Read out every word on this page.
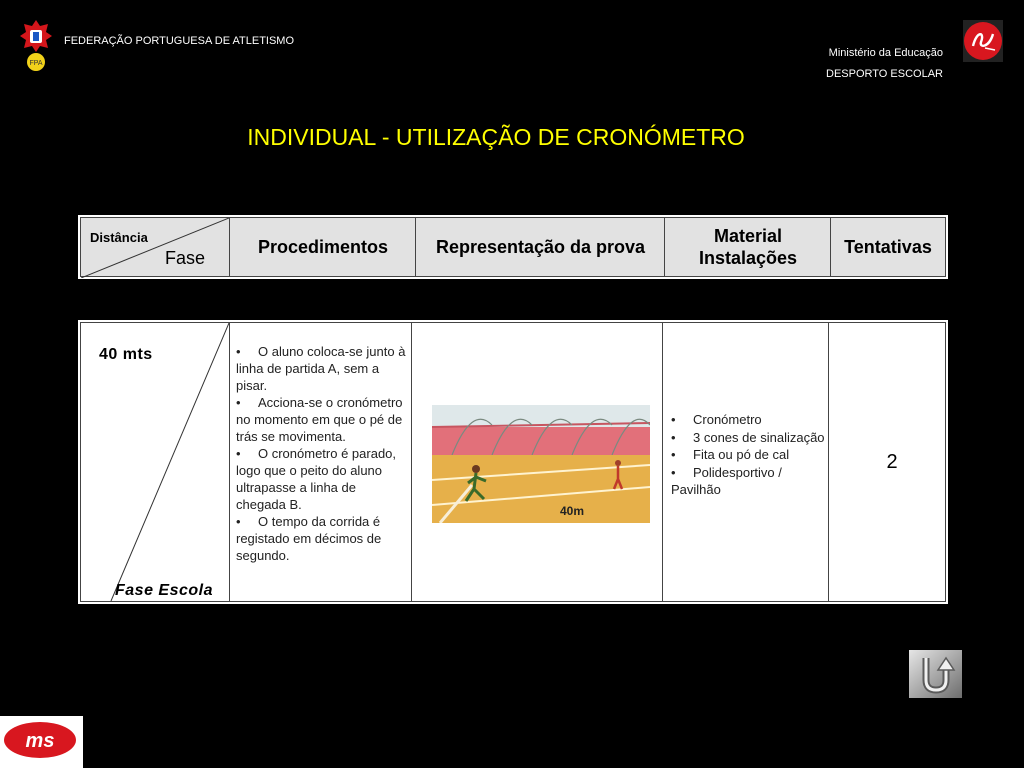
FPA
FEDERAÇÃO PORTUGUESA DE ATLETISMO
Ministério da Educação
DESPORTO ESCOLAR
INDIVIDUAL - UTILIZAÇÃO DE CRONÓMETRO
Distância
Fase
Procedimentos	Representação da prova
Material
Instalações
Tentativas
40 mts
Fase Escola
• O aluno coloca-se junto à linha de partida A, sem a pisar.
• Acciona-se o cronómetro no momento em que o pé de trás se movimenta.
• O cronómetro é parado, logo que o peito do aluno ultrapasse a linha de chegada B.
• O tempo da corrida é registado em décimos de segundo.
40m
• Cronómetro
• 3 cones de sinalização
• Fita ou pó de cal
• Polidesportivo / Pavilhão
2
ms
